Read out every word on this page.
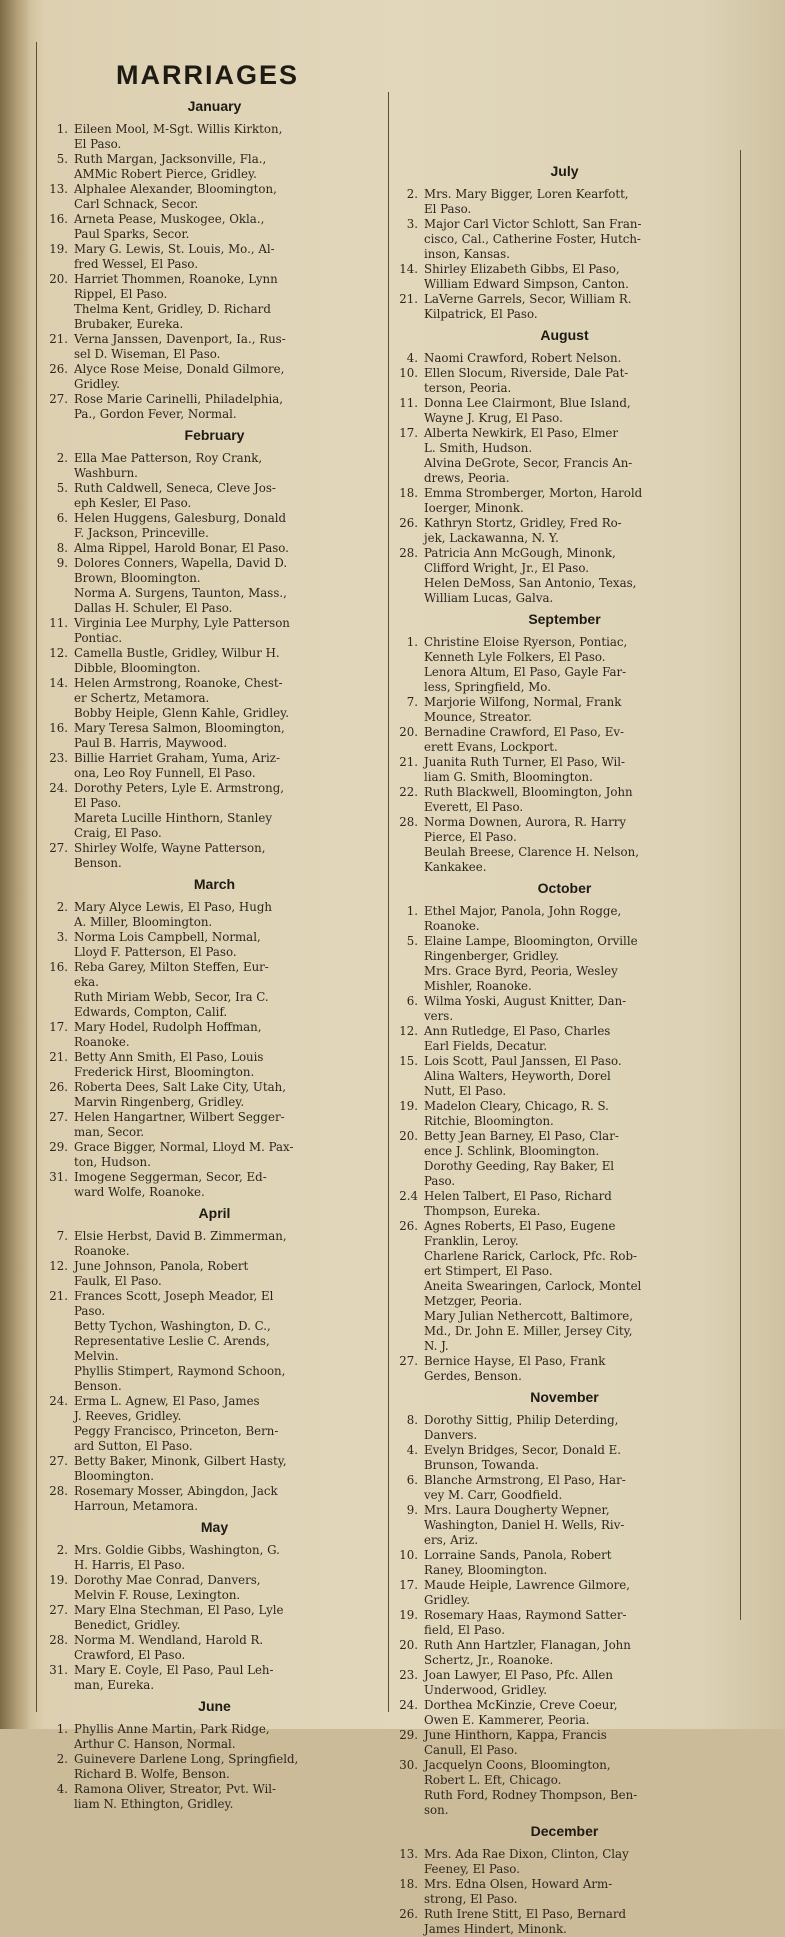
MARRIAGES
January
1. Eileen Mool, M-Sgt. Willis Kirkton,
El Paso.
5. Ruth Margan, Jacksonville, Fla.,
AMMic Robert Pierce, Gridley.
13. Alphalee Alexander, Bloomington,
Carl Schnack, Secor.
16. Arneta Pease, Muskogee, Okla.,
Paul Sparks, Secor.
19. Mary G. Lewis, St. Louis, Mo., Al-
fred Wessel, El Paso.
20. Harriet Thommen, Roanoke, Lynn
Rippel, El Paso.
Thelma Kent, Gridley, D. Richard
Brubaker, Eureka.
21. Verna Janssen, Davenport, Ia., Rus-
sel D. Wiseman, El Paso.
26. Alyce Rose Meise, Donald Gilmore,
Gridley.
27. Rose Marie Carinelli, Philadelphia,
Pa., Gordon Fever, Normal.
February
2. Ella Mae Patterson, Roy Crank,
Washburn.
5. Ruth Caldwell, Seneca, Cleve Jos-
eph Kesler, El Paso.
6. Helen Huggens, Galesburg, Donald
F. Jackson, Princeville.
8. Alma Rippel, Harold Bonar, El Paso.
9. Dolores Conners, Wapella, David D.
Brown, Bloomington.
Norma A. Surgens, Taunton, Mass.,
Dallas H. Schuler, El Paso.
11. Virginia Lee Murphy, Lyle Patterson
Pontiac.
12. Camella Bustle, Gridley, Wilbur H.
Dibble, Bloomington.
14. Helen Armstrong, Roanoke, Chest-
er Schertz, Metamora.
Bobby Heiple, Glenn Kahle, Gridley.
16. Mary Teresa Salmon, Bloomington,
Paul B. Harris, Maywood.
23. Billie Harriet Graham, Yuma, Ariz-
ona, Leo Roy Funnell, El Paso.
24. Dorothy Peters, Lyle E. Armstrong,
El Paso.
Mareta Lucille Hinthorn, Stanley
Craig, El Paso.
27. Shirley Wolfe, Wayne Patterson,
Benson.
March
2. Mary Alyce Lewis, El Paso, Hugh
A. Miller, Bloomington.
3. Norma Lois Campbell, Normal,
Lloyd F. Patterson, El Paso.
16. Reba Garey, Milton Steffen, Eur-
eka.
Ruth Miriam Webb, Secor, Ira C.
Edwards, Compton, Calif.
17. Mary Hodel, Rudolph Hoffman,
Roanoke.
21. Betty Ann Smith, El Paso, Louis
Frederick Hirst, Bloomington.
26. Roberta Dees, Salt Lake City, Utah,
Marvin Ringenberg, Gridley.
27. Helen Hangartner, Wilbert Segger-
man, Secor.
29. Grace Bigger, Normal, Lloyd M. Pax-
ton, Hudson.
31. Imogene Seggerman, Secor, Ed-
ward Wolfe, Roanoke.
April
7. Elsie Herbst, David B. Zimmerman,
Roanoke.
12. June Johnson, Panola, Robert
Faulk, El Paso.
21. Frances Scott, Joseph Meador, El
Paso.
Betty Tychon, Washington, D. C.,
Representative Leslie C. Arends,
Melvin.
Phyllis Stimpert, Raymond Schoon,
Benson.
24. Erma L. Agnew, El Paso, James
J. Reeves, Gridley.
Peggy Francisco, Princeton, Bern-
ard Sutton, El Paso.
27. Betty Baker, Minonk, Gilbert Hasty,
Bloomington.
28. Rosemary Mosser, Abingdon, Jack
Harroun, Metamora.
May
2. Mrs. Goldie Gibbs, Washington, G.
H. Harris, El Paso.
19. Dorothy Mae Conrad, Danvers,
Melvin F. Rouse, Lexington.
27. Mary Elna Stechman, El Paso, Lyle
Benedict, Gridley.
28. Norma M. Wendland, Harold R.
Crawford, El Paso.
31. Mary E. Coyle, El Paso, Paul Leh-
man, Eureka.
June
1. Phyllis Anne Martin, Park Ridge,
Arthur C. Hanson, Normal.
2. Guinevere Darlene Long, Springfield,
Richard B. Wolfe, Benson.
4. Ramona Oliver, Streator, Pvt. Wil-
liam N. Ethington, Gridley.
July
2. Mrs. Mary Bigger, Loren Kearfott,
El Paso.
3. Major Carl Victor Schlott, San Fran-
cisco, Cal., Catherine Foster, Hutch-
inson, Kansas.
14. Shirley Elizabeth Gibbs, El Paso,
William Edward Simpson, Canton.
21. LaVerne Garrels, Secor, William R.
Kilpatrick, El Paso.
August
4. Naomi Crawford, Robert Nelson.
10. Ellen Slocum, Riverside, Dale Pat-
terson, Peoria.
11. Donna Lee Clairmont, Blue Island,
Wayne J. Krug, El Paso.
17. Alberta Newkirk, El Paso, Elmer
L. Smith, Hudson.
Alvina DeGrote, Secor, Francis An-
drews, Peoria.
18. Emma Stromberger, Morton, Harold
Ioerger, Minonk.
26. Kathryn Stortz, Gridley, Fred Ro-
jek, Lackawanna, N. Y.
28. Patricia Ann McGough, Minonk,
Clifford Wright, Jr., El Paso.
Helen DeMoss, San Antonio, Texas,
William Lucas, Galva.
September
1. Christine Eloise Ryerson, Pontiac,
Kenneth Lyle Folkers, El Paso.
Lenora Altum, El Paso, Gayle Far-
less, Springfield, Mo.
7. Marjorie Wilfong, Normal, Frank
Mounce, Streator.
20. Bernadine Crawford, El Paso, Ev-
erett Evans, Lockport.
21. Juanita Ruth Turner, El Paso, Wil-
liam G. Smith, Bloomington.
22. Ruth Blackwell, Bloomington, John
Everett, El Paso.
28. Norma Downen, Aurora, R. Harry
Pierce, El Paso.
Beulah Breese, Clarence H. Nelson,
Kankakee.
October
1. Ethel Major, Panola, John Rogge,
Roanoke.
5. Elaine Lampe, Bloomington, Orville
Ringenberger, Gridley.
Mrs. Grace Byrd, Peoria, Wesley
Mishler, Roanoke.
6. Wilma Yoski, August Knitter, Dan-
vers.
12. Ann Rutledge, El Paso, Charles
Earl Fields, Decatur.
15. Lois Scott, Paul Janssen, El Paso.
Alina Walters, Heyworth, Dorel
Nutt, El Paso.
19. Madelon Cleary, Chicago, R. S.
Ritchie, Bloomington.
20. Betty Jean Barney, El Paso, Clar-
ence J. Schlink, Bloomington.
Dorothy Geeding, Ray Baker, El
Paso.
2.4 Helen Talbert, El Paso, Richard
Thompson, Eureka.
26. Agnes Roberts, El Paso, Eugene
Franklin, Leroy.
Charlene Rarick, Carlock, Pfc. Rob-
ert Stimpert, El Paso.
Aneita Swearingen, Carlock, Montel
Metzger, Peoria.
Mary Julian Nethercott, Baltimore,
Md., Dr. John E. Miller, Jersey City,
N. J.
27. Bernice Hayse, El Paso, Frank
Gerdes, Benson.
November
8. Dorothy Sittig, Philip Deterding,
Danvers.
4. Evelyn Bridges, Secor, Donald E.
Brunson, Towanda.
6. Blanche Armstrong, El Paso, Har-
vey M. Carr, Goodfield.
9. Mrs. Laura Dougherty Wepner,
Washington, Daniel H. Wells, Riv-
ers, Ariz.
10. Lorraine Sands, Panola, Robert
Raney, Bloomington.
17. Maude Heiple, Lawrence Gilmore,
Gridley.
19. Rosemary Haas, Raymond Satter-
field, El Paso.
20. Ruth Ann Hartzler, Flanagan, John
Schertz, Jr., Roanoke.
23. Joan Lawyer, El Paso, Pfc. Allen
Underwood, Gridley.
24. Dorthea McKinzie, Creve Coeur,
Owen E. Kammerer, Peoria.
29. June Hinthorn, Kappa, Francis
Canull, El Paso.
30. Jacquelyn Coons, Bloomington,
Robert L. Eft, Chicago.
Ruth Ford, Rodney Thompson, Ben-
son.
December
13. Mrs. Ada Rae Dixon, Clinton, Clay
Feeney, El Paso.
18. Mrs. Edna Olsen, Howard Arm-
strong, El Paso.
26. Ruth Irene Stitt, El Paso, Bernard
James Hindert, Minonk.
